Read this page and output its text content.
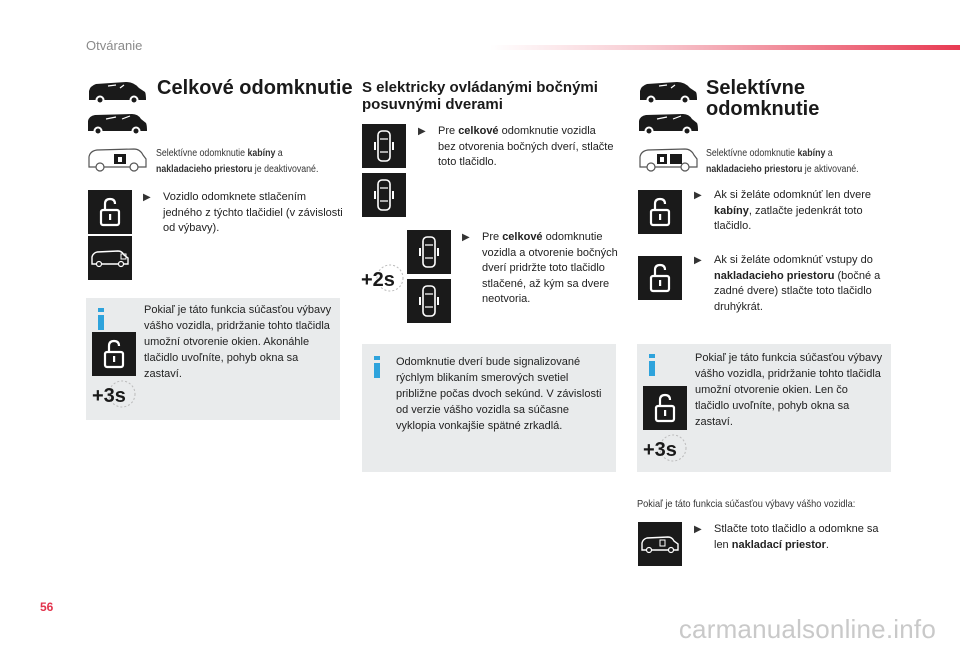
Otváranie
Celkové odomknutie
Selektívne odomknutie kabíny a
nakladacieho priestoru je deaktivované.
▶	Vozidlo odomknete stlačením jedného z týchto tlačidiel (v závislosti od výbavy).
+3s
Pokiaľ je táto funkcia súčasťou výbavy vášho vozidla, pridržanie tohto tlačidla umožní otvorenie okien. Akonáhle tlačidlo uvoľníte, pohyb okna sa zastaví.
S elektricky ovládanými bočnými
posuvnými dverami
▶	Pre celkové odomknutie vozidla bez otvorenia bočných dverí, stlačte toto tlačidlo.
+2s
▶	Pre celkové odomknutie vozidla a otvorenie bočných dverí pridržte toto tlačidlo stlačené, až kým sa dvere neotvoria.
Odomknutie dverí bude signalizované rýchlym blikaním smerových svetiel približne počas dvoch sekúnd. V závislosti od verzie vášho vozidla sa súčasne vyklopia vonkajšie spätné zrkadlá.
Selektívne
odomknutie
Selektívne odomknutie kabíny a
nakladacieho priestoru je aktivované.
▶	Ak si želáte odomknúť len dvere kabíny, zatlačte jedenkrát toto tlačidlo.
▶	Ak si želáte odomknúť vstupy do nakladacieho priestoru (bočné a zadné dvere) stlačte toto tlačidlo druhýkrát.
+3s
Pokiaľ je táto funkcia súčasťou výbavy vášho vozidla, pridržanie tohto tlačidla umožní otvorenie okien. Len čo tlačidlo uvoľníte, pohyb okna sa zastaví.
Pokiaľ je táto funkcia súčasťou výbavy vášho vozidla:
▶	Stlačte toto tlačidlo a odomkne sa len nakladací priestor.
56
carmanualsonline.info
